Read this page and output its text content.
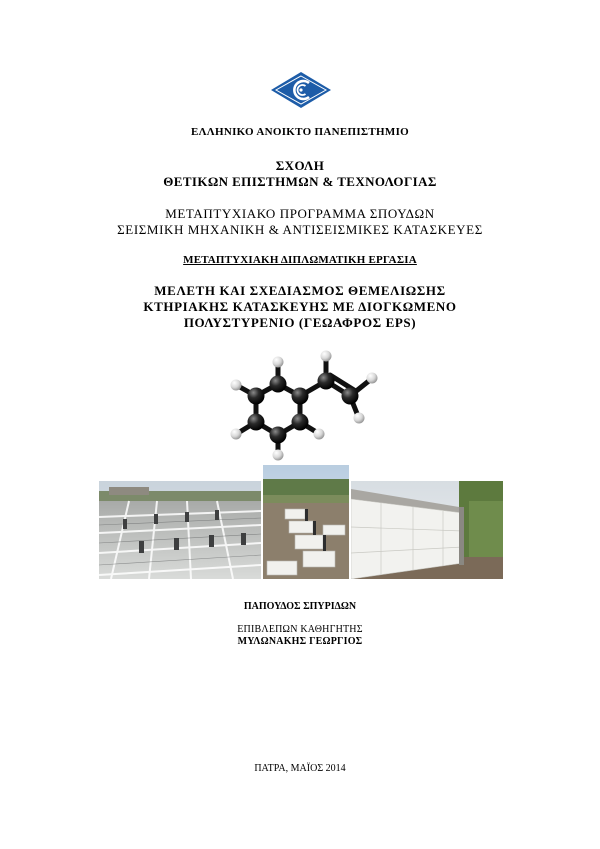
ΕΛΛΗΝΙΚΟ ΑΝΟΙΚΤΟ ΠΑΝΕΠΙΣΤΗΜΙΟ
ΣΧΟΛΗ
ΘΕΤΙΚΩΝ ΕΠΙΣΤΗΜΩΝ & ΤΕΧΝΟΛΟΓΙΑΣ
ΜΕΤΑΠΤΥΧΙΑΚΟ ΠΡΟΓΡΑΜΜΑ ΣΠΟΥΔΩΝ
ΣΕΙΣΜΙΚΗ ΜΗΧΑΝΙΚΗ & ΑΝΤΙΣΕΙΣΜΙΚΕΣ ΚΑΤΑΣΚΕΥΕΣ
ΜΕΤΑΠΤΥΧΙΑΚΗ ΔΙΠΛΩΜΑΤΙΚΗ ΕΡΓΑΣΙΑ
ΜΕΛΕΤΗ ΚΑΙ ΣΧΕΔΙΑΣΜΟΣ ΘΕΜΕΛΙΩΣΗΣ
ΚΤΗΡΙΑΚΗΣ ΚΑΤΑΣΚΕΥΗΣ ΜΕ ΔΙΟΓΚΩΜΕΝΟ
ΠΟΛΥΣΤΥΡΕΝΙΟ (ΓΕΩΑΦΡΟΣ EPS)
ΠΑΠΟΥΔΟΣ ΣΠΥΡΙΔΩΝ
ΕΠΙΒΛΕΠΩΝ ΚΑΘΗΓΗΤΗΣ
ΜΥΛΩΝΑΚΗΣ ΓΕΩΡΓΙΟΣ
ΠΑΤΡΑ, ΜΑΪΟΣ 2014
